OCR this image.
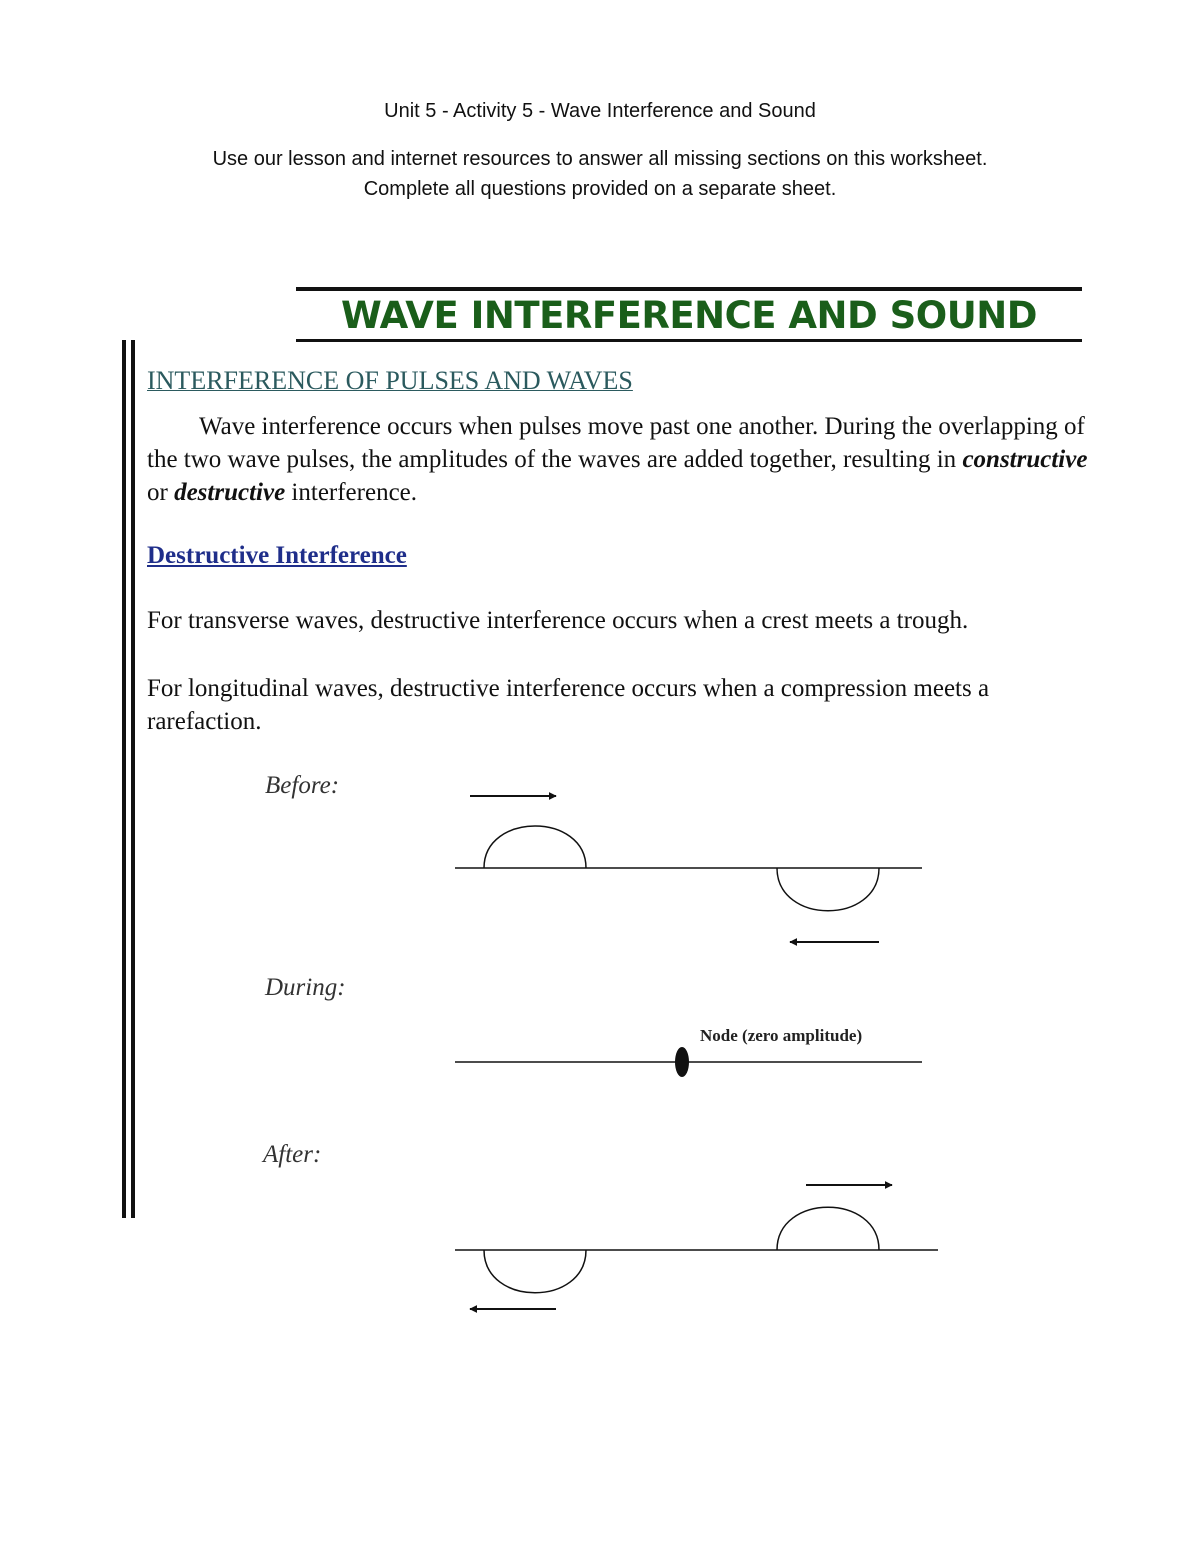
Unit 5 - Activity 5 - Wave Interference and Sound
Use our lesson and internet resources to answer all missing sections on this worksheet.
Complete all questions provided on a separate sheet.
WAVE INTERFERENCE AND SOUND
INTERFERENCE OF PULSES AND WAVES
Wave interference occurs when pulses move past one another. During the overlapping of the two wave pulses, the amplitudes of the waves are added together, resulting in constructive or destructive interference.
Destructive Interference
For transverse waves, destructive interference occurs when a crest meets a trough.
For longitudinal waves, destructive interference occurs when a compression meets a rarefaction.
Before:
During:
After:
Node (zero amplitude)
